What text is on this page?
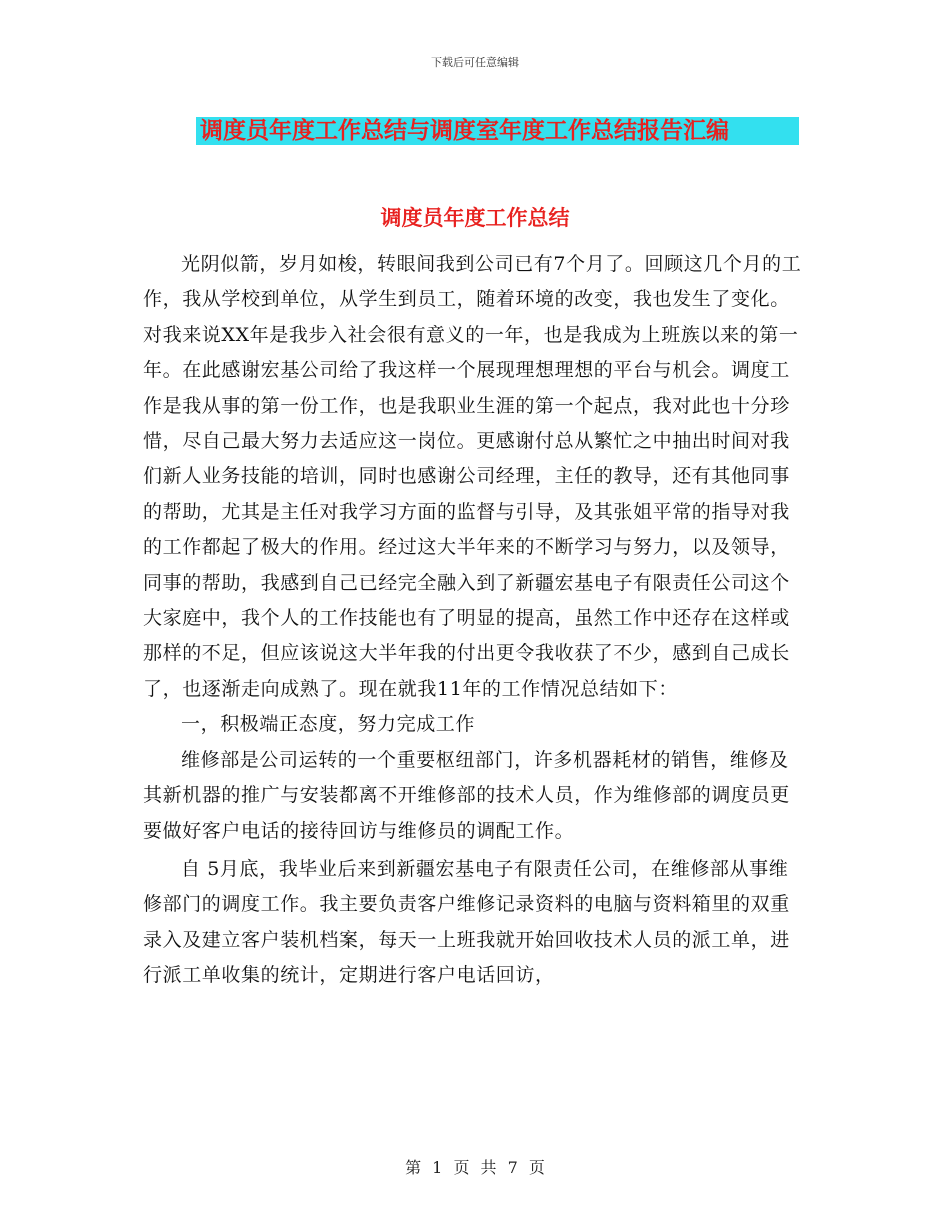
下载后可任意编辑
调度员年度工作总结与调度室年度工作总结报告汇编
调度员年度工作总结

光阴似箭，岁月如梭，转眼间我到公司已有7个月了。回顾这几个月的工作，我从学校到单位，从学生到员工，随着环境的改变，我也发生了变化。对我来说XX年是我步入社会很有意义的一年，也是我成为上班族以来的第一年。在此感谢宏基公司给了我这样一个展现理想理想的平台与机会。调度工作是我从事的第一份工作，也是我职业生涯的第一个起点，我对此也十分珍惜，尽自己最大努力去适应这一岗位。更感谢付总从繁忙之中抽出时间对我们新人业务技能的培训，同时也感谢公司经理，主任的教导，还有其他同事的帮助，尤其是主任对我学习方面的监督与引导，及其张姐平常的指导对我的工作都起了极大的作用。经过这大半年来的不断学习与努力，以及领导，同事的帮助，我感到自己已经完全融入到了新疆宏基电子有限责任公司这个大家庭中，我个人的工作技能也有了明显的提高，虽然工作中还存在这样或那样的不足，但应该说这大半年我的付出更令我收获了不少，感到自己成长了，也逐渐走向成熟了。现在就我11年的工作情况总结如下：

一，积极端正态度，努力完成工作

维修部是公司运转的一个重要枢纽部门，许多机器耗材的销售，维修及其新机器的推广与安装都离不开维修部的技术人员，作为维修部的调度员更要做好客户电话的接待回访与维修员的调配工作。

自 5月底，我毕业后来到新疆宏基电子有限责任公司，在维修部从事维修部门的调度工作。我主要负责客户维修记录资料的电脑与资料箱里的双重录入及建立客户装机档案，每天一上班我就开始回收技术人员的派工单，进行派工单收集的统计，定期进行客户电话回访，

第 1 页 共 7 页
